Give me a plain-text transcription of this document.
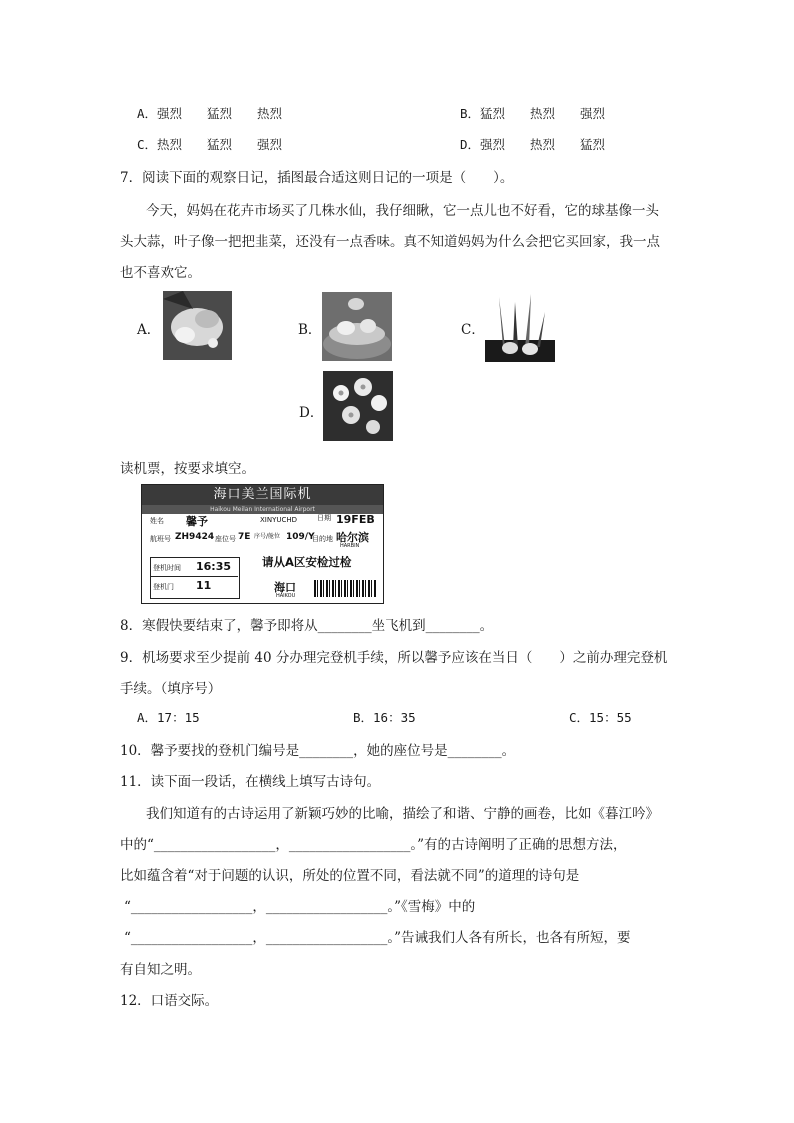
A．强烈　　猛烈　　热烈	B．猛烈　　热烈　　强烈
C．热烈　　猛烈　　强烈	D．强烈　　热烈　　猛烈
7．阅读下面的观察日记，插图最合适这则日记的一项是（　　）。
今天，妈妈在花卉市场买了几株水仙，我仔细瞅，它一点儿也不好看，它的球基像一头
头大蒜，叶子像一把把韭菜，还没有一点香味。真不知道妈妈为什么会把它买回家，我一点
也不喜欢它。
A．	B．	C．
D．
读机票，按要求填空。
海口美兰国际机
Haikou Meilan International Airport
姓名 馨予	XINYUCHD	日期 19FEB
航班号 ZH9424 座位号 7E 序号/舱位 109/Y
目的地 哈尔滨
HARBIN
登机时间 16:35
登机门 11
请从A区安检过检
海口
HAIKOU
8．寒假快要结束了，馨予即将从________坐飞机到________。
9．机场要求至少提前 40 分办理完登机手续，所以馨予应该在当日（　　）之前办理完登机
手续。（填序号）
A．17：15	B．16：35	C．15：55
10．馨予要找的登机门编号是________，她的座位号是________。
11．读下面一段话，在横线上填写古诗句。
我们知道有的古诗运用了新颖巧妙的比喻，描绘了和谐、宁静的画卷，比如《暮江吟》
中的“__________________，__________________。”有的古诗阐明了正确的思想方法，
比如蕴含着“对于问题的认识，所处的位置不同，看法就不同”的道理的诗句是
“__________________，__________________。”《雪梅》中的
“__________________，__________________。”告诫我们人各有所长，也各有所短，要
有自知之明。
12．口语交际。
